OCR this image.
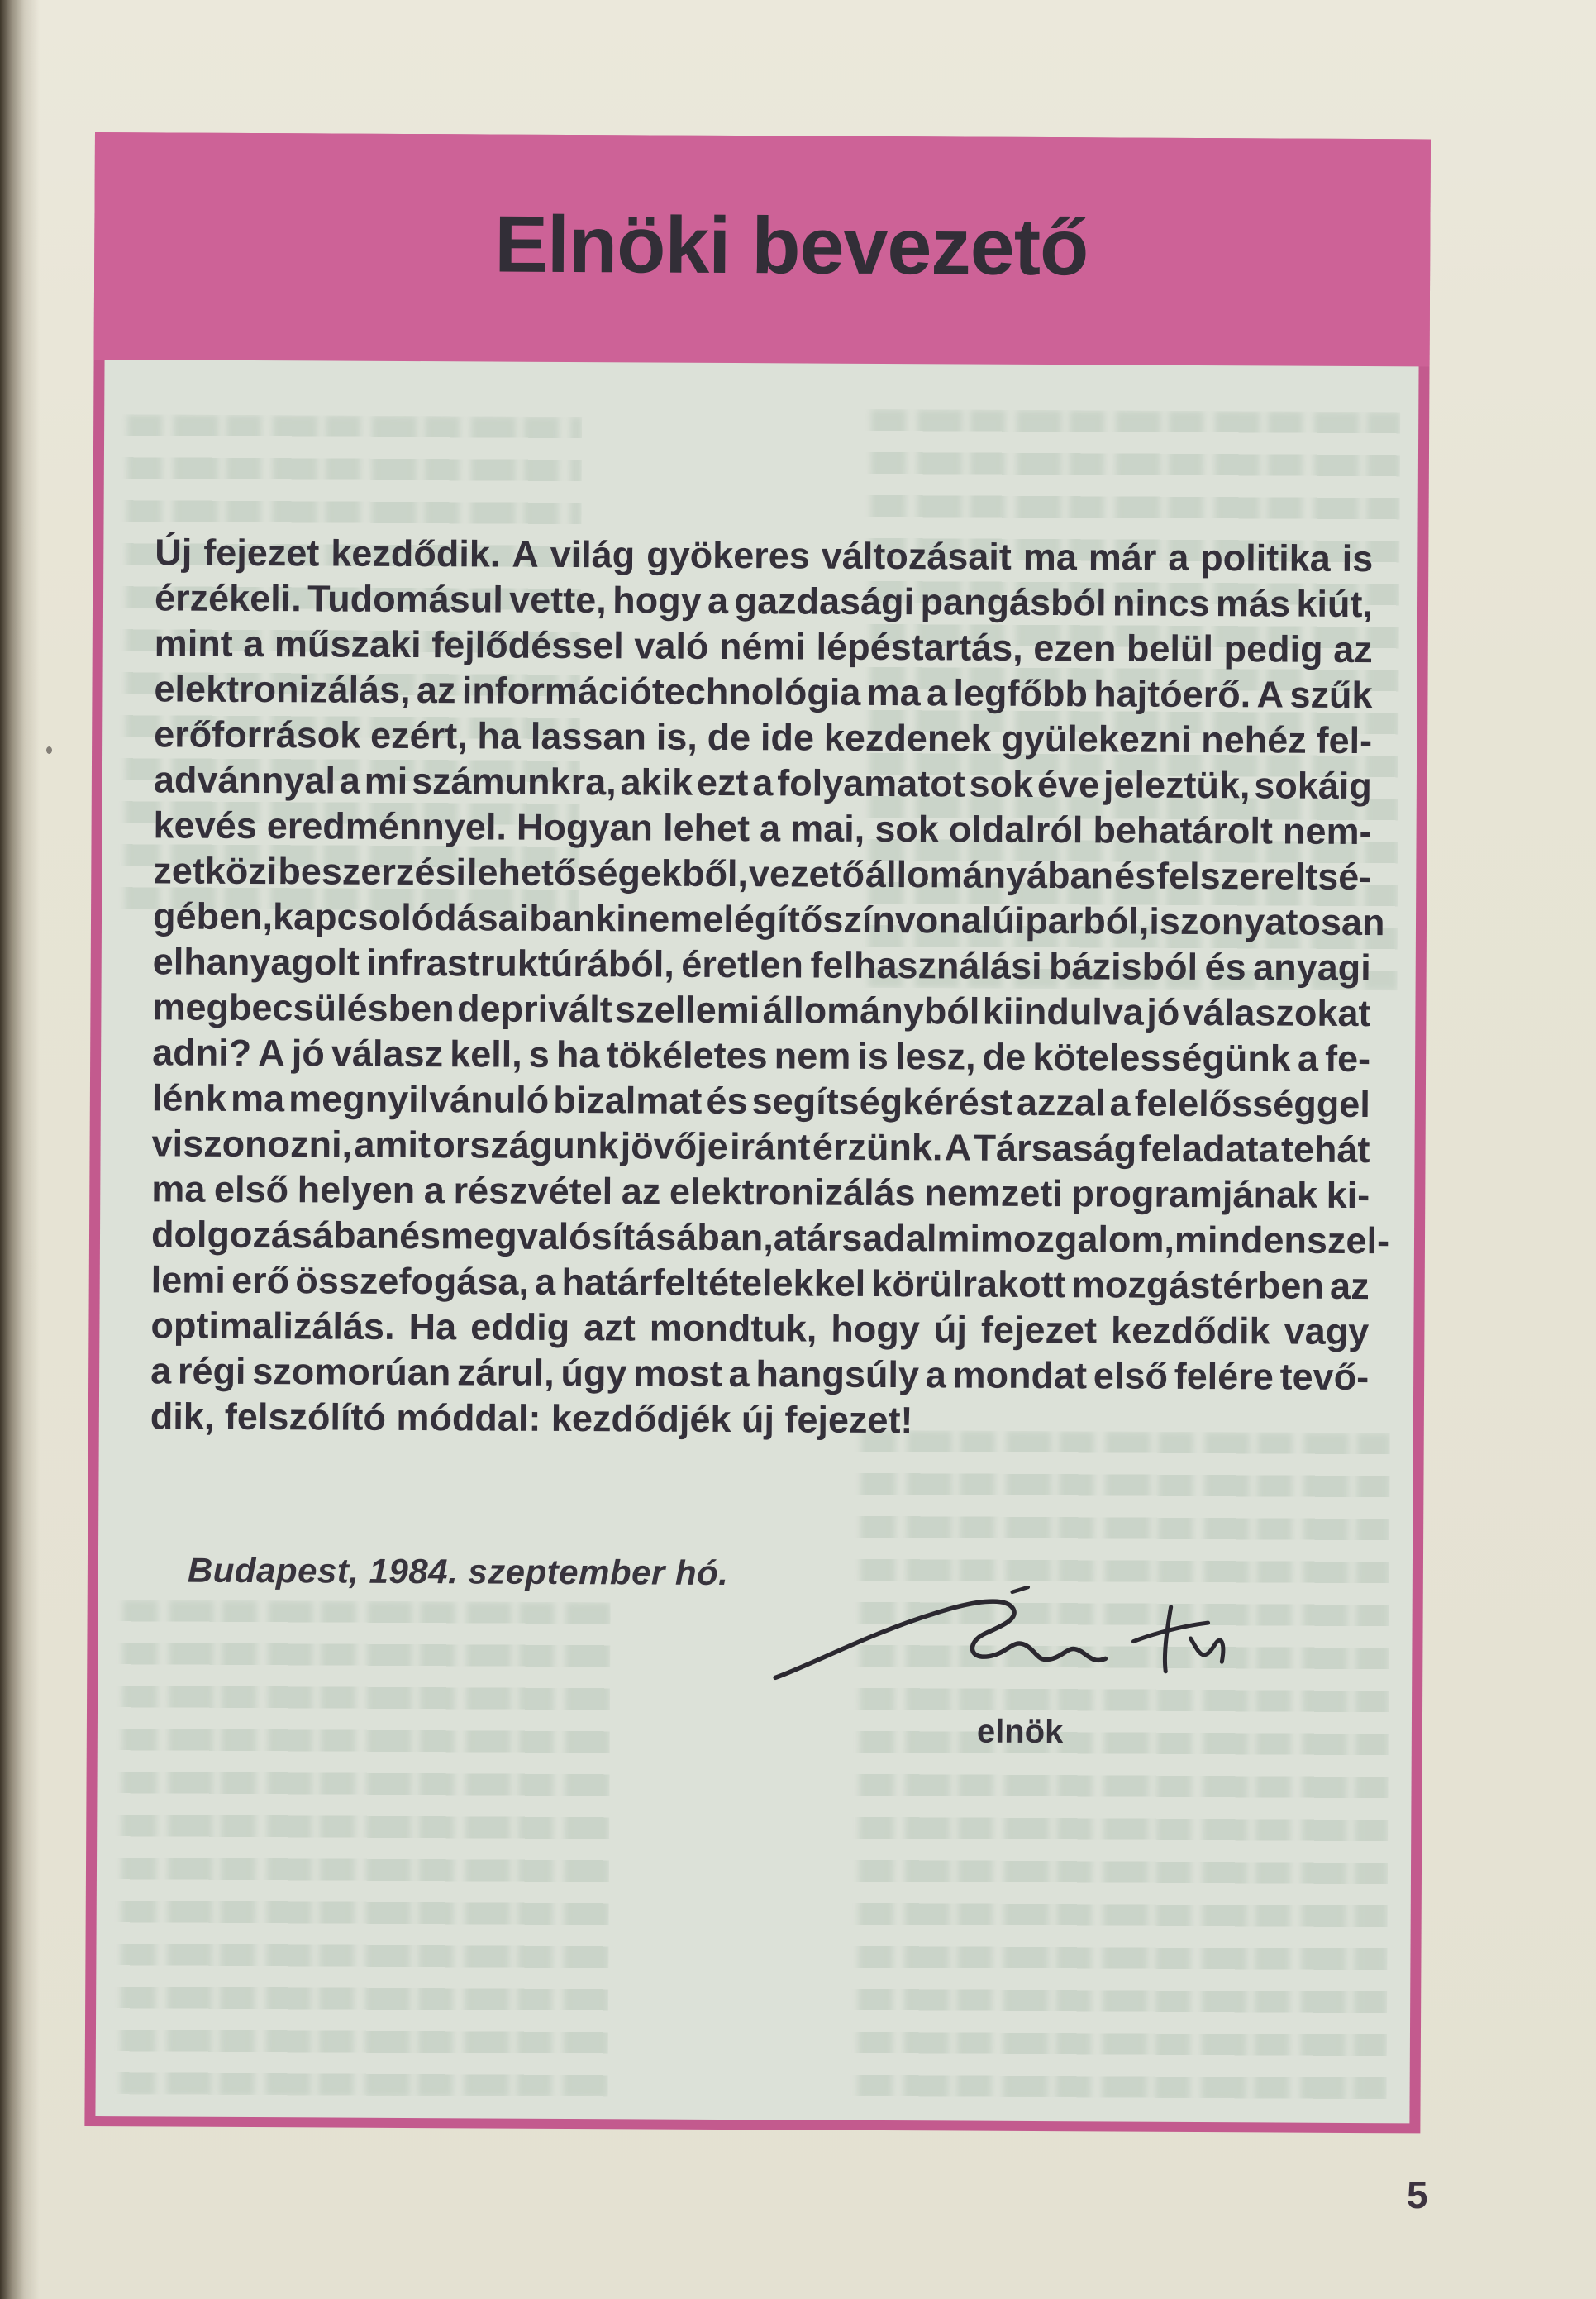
Elnöki bevezető
Új fejezet kezdődik. A világ gyökeres változásait ma már a politika is
érzékeli. Tudomásul vette, hogy a gazdasági pangásból nincs más kiút,
mint a műszaki fejlődéssel való némi lépéstartás, ezen belül pedig az
elektronizálás, az információtechnológia ma a legfőbb hajtóerő. A szűk
erőforrások ezért, ha lassan is, de ide kezdenek gyülekezni nehéz fel-
advánnyal a mi számunkra, akik ezt a folyamatot sok éve jeleztük, sokáig
kevés eredménnyel. Hogyan lehet a mai, sok oldalról behatárolt nem-
zetközi beszerzési lehetőségekből, vezető állományában és felszereltsé-
gében, kapcsolódásaiban ki nem elégítő színvonalú iparból, iszonyatosan
elhanyagolt infrastruktúrából, éretlen felhasználási bázisból és anyagi
megbecsülésben deprivált szellemi állományból kiindulva jó válaszokat
adni? A jó válasz kell, s ha tökéletes nem is lesz, de kötelességünk a fe-
lénk ma megnyilvánuló bizalmat és segítségkérést azzal a felelősséggel
viszonozni, amit országunk jövője iránt érzünk. A Társaság feladata tehát
ma első helyen a részvétel az elektronizálás nemzeti programjának ki-
dolgozásában és megvalósításában, a társadalmi mozgalom, minden szel-
lemi erő összefogása, a határfeltételekkel körülrakott mozgástérben az
optimalizálás. Ha eddig azt mondtuk, hogy új fejezet kezdődik vagy
a régi szomorúan zárul, úgy most a hangsúly a mondat első felére tevő-
dik, felszólító móddal: kezdődjék új fejezet!
Budapest, 1984. szeptember hó.
elnök
5
